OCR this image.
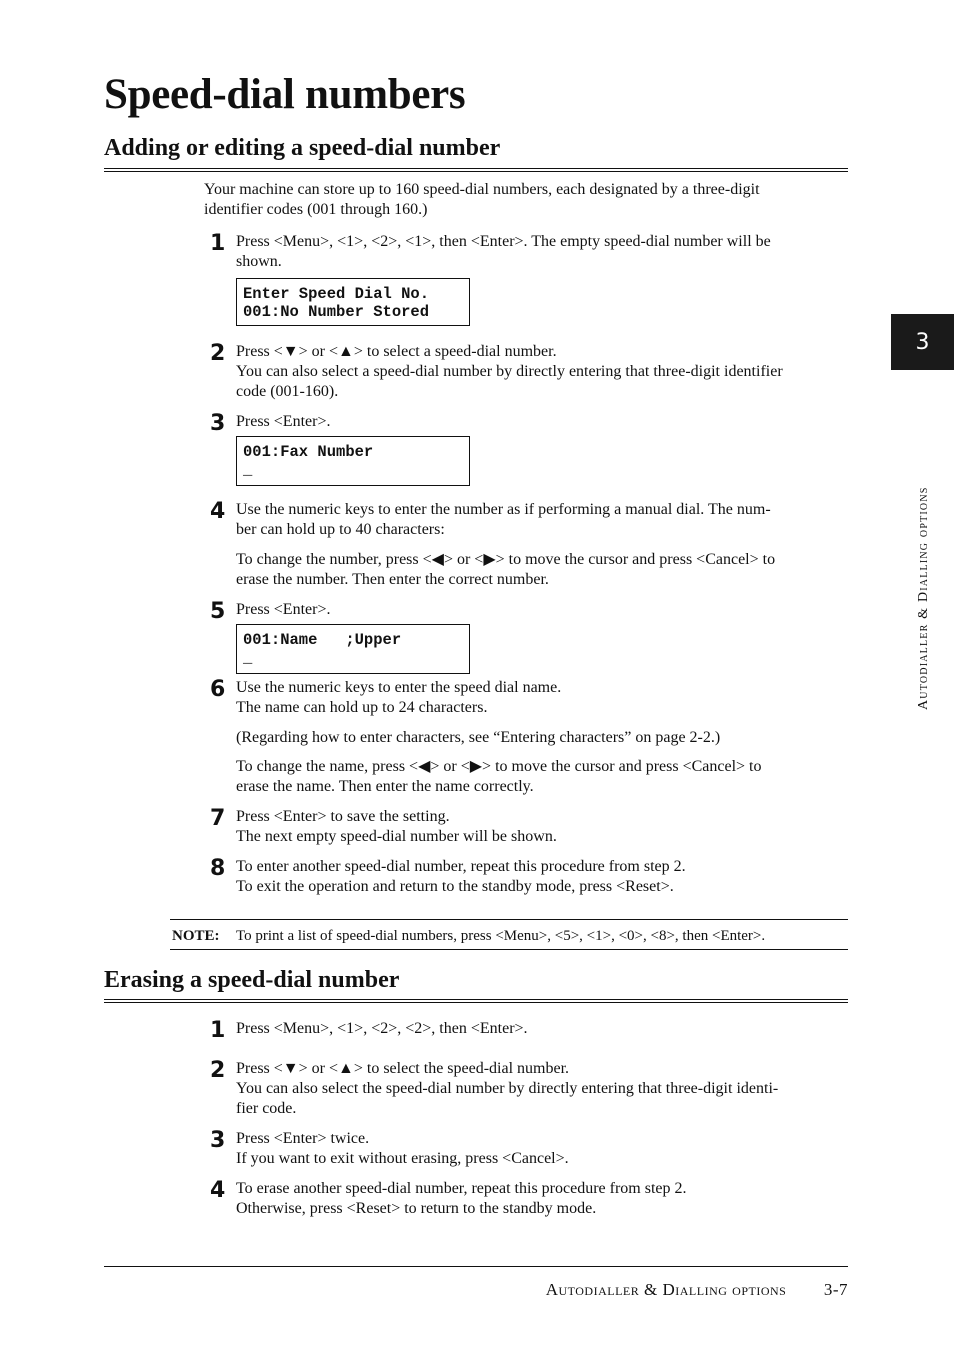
Speed-dial numbers
Adding or editing a speed-dial number
Your machine can store up to 160 speed-dial numbers, each designated by a three-digit
identifier codes (001 through 160.)
1 Press <Menu>, <1>, <2>, <1>, then <Enter>. The empty speed-dial number will be
shown.
Enter Speed Dial No.
001:No Number Stored
2 Press <▼> or <▲> to select a speed-dial number.
You can also select a speed-dial number by directly entering that three-digit identifier
code (001-160).
3 Press <Enter>.
001:Fax Number
_
4 Use the numeric keys to enter the number as if performing a manual dial. The num-
ber can hold up to 40 characters:
To change the number, press <◀> or <▶> to move the cursor and press <Cancel> to
erase the number. Then enter the correct number.
5 Press <Enter>.
001:Name   ;Upper
_
6 Use the numeric keys to enter the speed dial name.
The name can hold up to 24 characters.
(Regarding how to enter characters, see “Entering characters” on page 2-2.)
To change the name, press <◀> or <▶> to move the cursor and press <Cancel> to
erase the name. Then enter the name correctly.
7 Press <Enter> to save the setting.
The next empty speed-dial number will be shown.
8 To enter another speed-dial number, repeat this procedure from step 2.
To exit the operation and return to the standby mode, press <Reset>.
NOTE: To print a list of speed-dial numbers, press <Menu>, <5>, <1>, <0>, <8>, then <Enter>.
Erasing a speed-dial number
1 Press <Menu>, <1>, <2>, <2>, then <Enter>.
2 Press <▼> or <▲> to select the speed-dial number.
You can also select the speed-dial number by directly entering that three-digit identi-
fier code.
3 Press <Enter> twice.
If you want to exit without erasing, press <Cancel>.
4 To erase another speed-dial number, repeat this procedure from step 2.
Otherwise, press <Reset> to return to the standby mode.
3
Autodialler & Dialling options
Autodialler & Dialling options 3-7
